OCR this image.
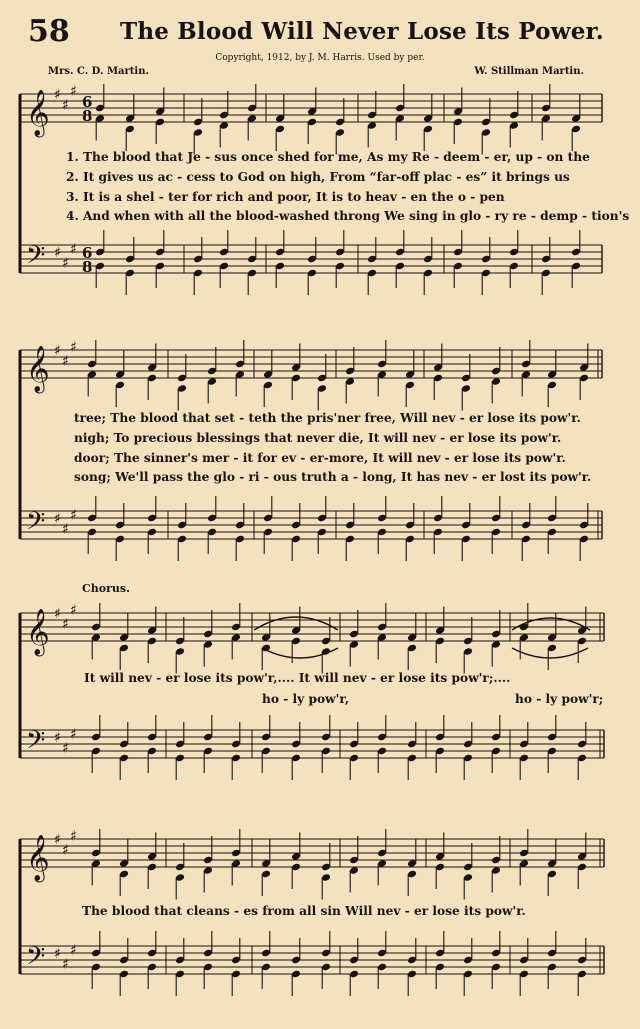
58 The Blood Will Never Lose Its Power.
Copyright, 1912, by J. M. Harris. Used by per.
Mrs. C. D. Martin.	W. Stillman Martin.
𝄞
𝄢
♯
♯
♯
♯
♯
♯
6
6
8
8
𝄞
𝄢
♯
♯
♯
♯
♯
♯
𝄞
𝄢
♯
♯
♯
♯
♯
♯
𝄞
𝄢
♯
♯
♯
♯
♯
♯
1. The blood that Je - sus once shed for me, As my Re - deem - er, up - on the
2. It gives us ac - cess to God on high, From “far-off plac - es” it brings us
3. It is a shel - ter for rich and poor, It is to heav - en the o - pen
4. And when with all the blood-washed throng We sing in glo - ry re - demp - tion's
tree; The blood that set - teth the pris'ner free, Will nev - er lose its pow'r.
nigh; To precious blessings that never die, It will nev - er lose its pow'r.
door; The sinner's mer - it for ev - er-more, It will nev - er lose its pow'r.
song; We'll pass the glo - ri - ous truth a - long, It has nev - er lost its pow'r.
Chorus.
It will nev - er lose its pow'r,.... It will nev - er lose its pow'r;....
ho - ly pow'r,	ho - ly pow'r;
The blood that cleans - es from all sin Will nev - er lose its pow'r.
